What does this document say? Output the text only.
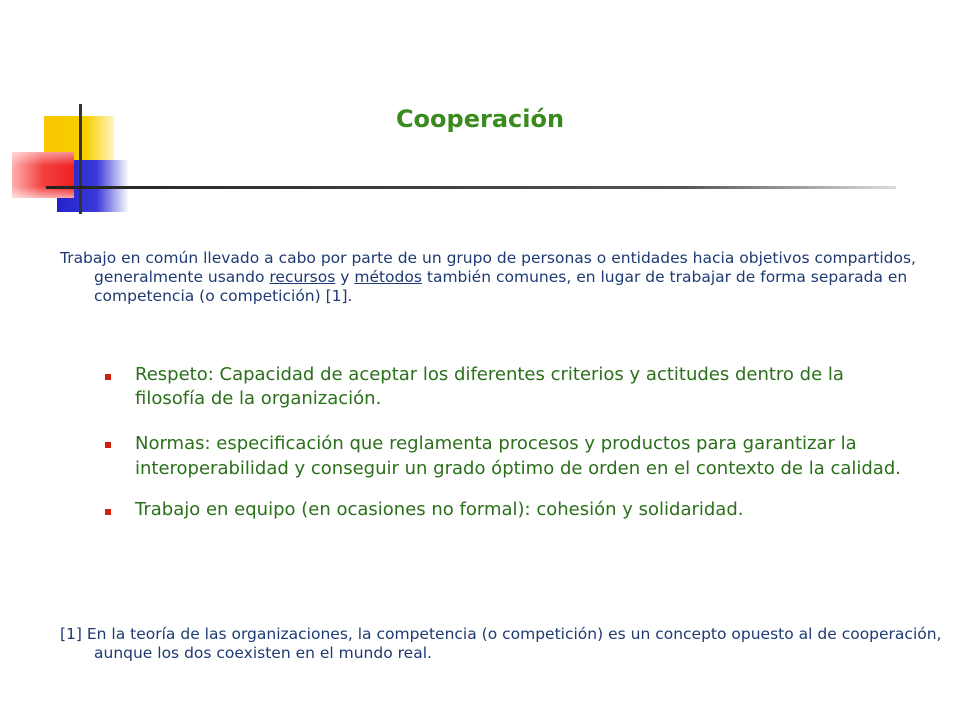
Cooperación

Trabajo en común llevado a cabo por parte de un grupo de personas o entidades hacia objetivos compartidos, generalmente usando recursos y métodos también comunes, en lugar de trabajar de forma separada en competencia (o competición) [1].

Respeto: Capacidad de aceptar los diferentes criterios y actitudes dentro de la filosofía de la organización.
Normas: especificación que reglamenta procesos y productos para garantizar la interoperabilidad y conseguir un grado óptimo de orden en el contexto de la calidad.
Trabajo en equipo (en ocasiones no formal): cohesión y solidaridad.

[1] En la teoría de las organizaciones, la competencia (o competición) es un concepto opuesto al de cooperación, aunque los dos coexisten en el mundo real.
